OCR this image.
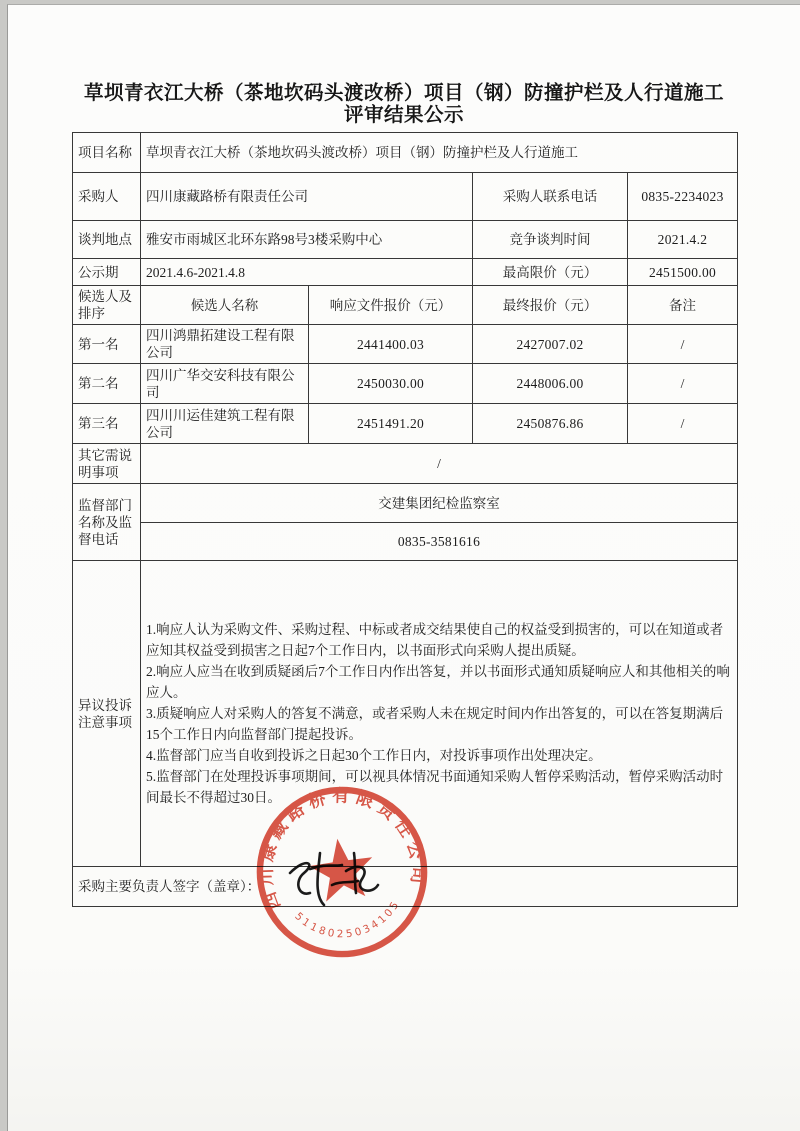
草坝青衣江大桥（茶地坎码头渡改桥）项目（钢）防撞护栏及人行道施工
评审结果公示
项目名称	草坝青衣江大桥（茶地坎码头渡改桥）项目（钢）防撞护栏及人行道施工			
采购人	四川康藏路桥有限责任公司		采购人联系电话	0835-2234023
谈判地点	雅安市雨城区北环东路98号3楼采购中心		竞争谈判时间	2021.4.2
公示期	2021.4.6-2021.4.8		最高限价（元）	2451500.00
候选人及排序	候选人名称	响应文件报价（元）	最终报价（元）	备注
第一名	四川鸿鼎拓建设工程有限公司	2441400.03	2427007.02	/
第二名	四川广华交安科技有限公司	2450030.00	2448006.00	/
第三名	四川川运佳建筑工程有限公司	2451491.20	2450876.86	/
其它需说明事项	/			
监督部门名称及监督电话	交建集团纪检监察室			
	0835-3581616			
异议投诉注意事项	1.响应人认为采购文件、采购过程、中标或者成交结果使自己的权益受到损害的，可以在知道或者应知其权益受到损害之日起7个工作日内，以书面形式向采购人提出质疑。
2.响应人应当在收到质疑函后7个工作日内作出答复，并以书面形式通知质疑响应人和其他相关的响应人。
3.质疑响应人对采购人的答复不满意，或者采购人未在规定时间内作出答复的，可以在答复期满后15个工作日内向监督部门提起投诉。
4.监督部门应当自收到投诉之日起30个工作日内，对投诉事项作出处理决定。
5.监督部门在处理投诉事项期间，可以视具体情况书面通知采购人暂停采购活动，暂停采购活动时间最长不得超过30日。			

采购主要负责人签字（盖章）：				
四川康藏路桥有限责任公司
5118025034105
